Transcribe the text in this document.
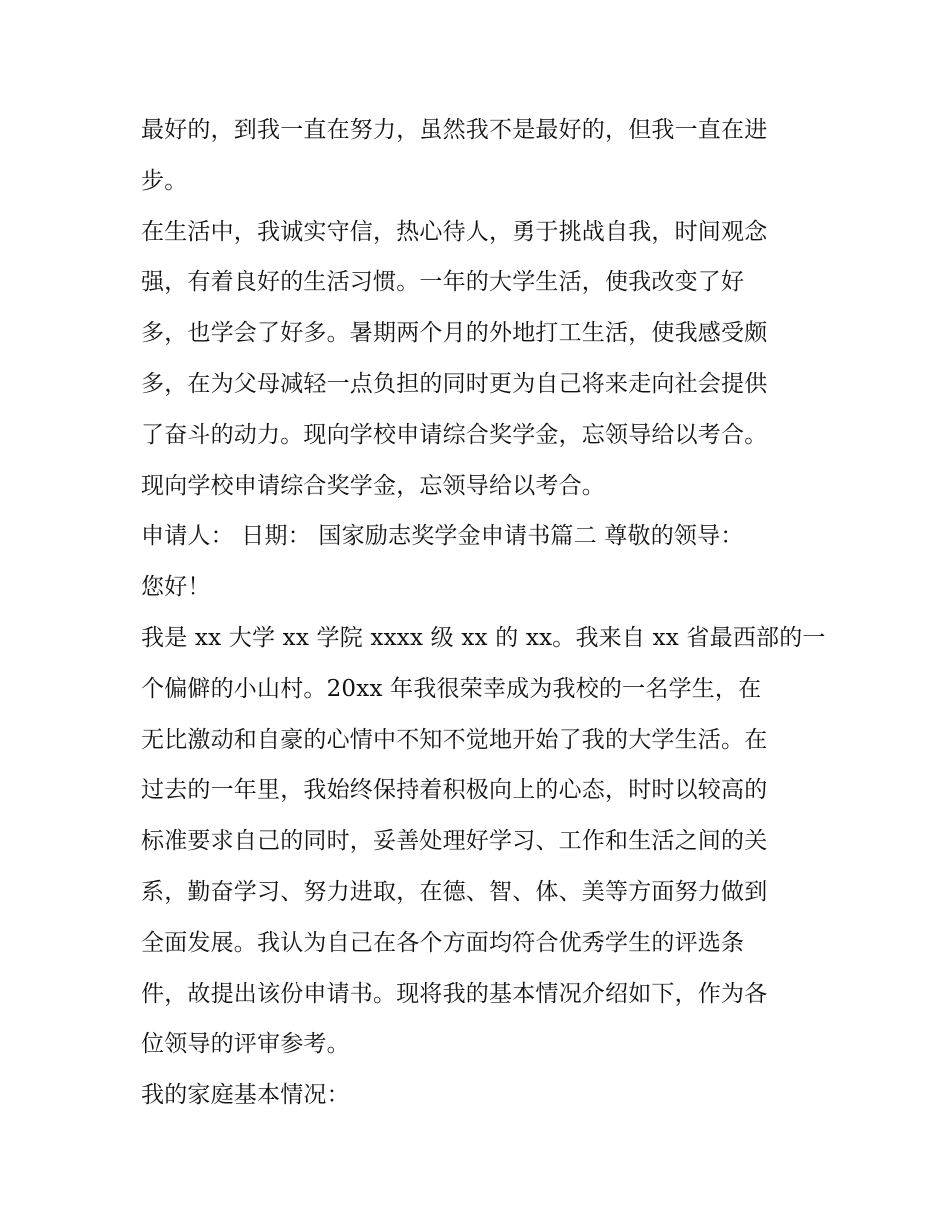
最好的，到我一直在努力，虽然我不是最好的，但我一直在进
步。
在生活中，我诚实守信，热心待人，勇于挑战自我，时间观念
强，有着良好的生活习惯。一年的大学生活，使我改变了好
多，也学会了好多。暑期两个月的外地打工生活，使我感受颇
多，在为父母减轻一点负担的同时更为自己将来走向社会提供
了奋斗的动力。现向学校申请综合奖学金，忘领导给以考合。
现向学校申请综合奖学金，忘领导给以考合。
申请人： 日期： 国家励志奖学金申请书篇二 尊敬的领导：
您好！
我是 xx 大学 xx 学院 xxxx 级 xx 的 xx。我来自 xx 省最西部的一
个偏僻的小山村。20xx 年我很荣幸成为我校的一名学生，在
无比激动和自豪的心情中不知不觉地开始了我的大学生活。在
过去的一年里，我始终保持着积极向上的心态，时时以较高的
标准要求自己的同时，妥善处理好学习、工作和生活之间的关
系，勤奋学习、努力进取，在德、智、体、美等方面努力做到
全面发展。我认为自己在各个方面均符合优秀学生的评选条
件，故提出该份申请书。现将我的基本情况介绍如下，作为各
位领导的评审参考。
我的家庭基本情况：
